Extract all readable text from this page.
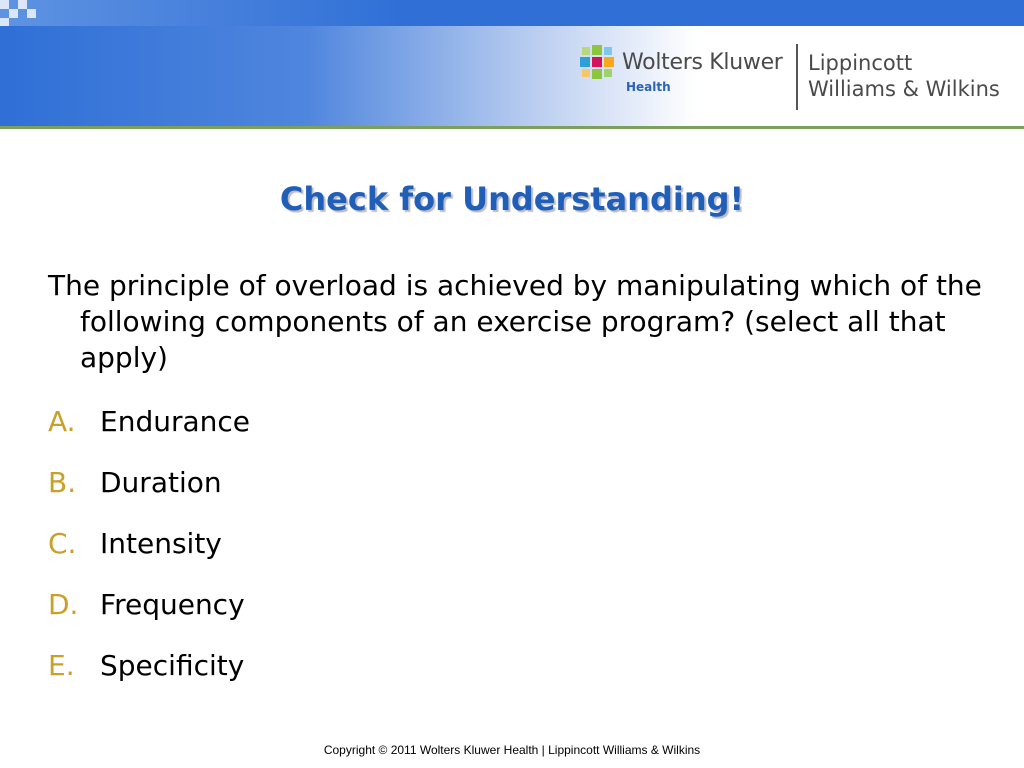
Wolters Kluwer
Health
Lippincott
Williams & Wilkins
Check for Understanding!
The principle of overload is achieved by manipulating which of the following components of an exercise program? (select all that apply)
A. Endurance
B. Duration
C. Intensity
D. Frequency
E. Specificity
Copyright © 2011 Wolters Kluwer Health | Lippincott Williams & Wilkins
